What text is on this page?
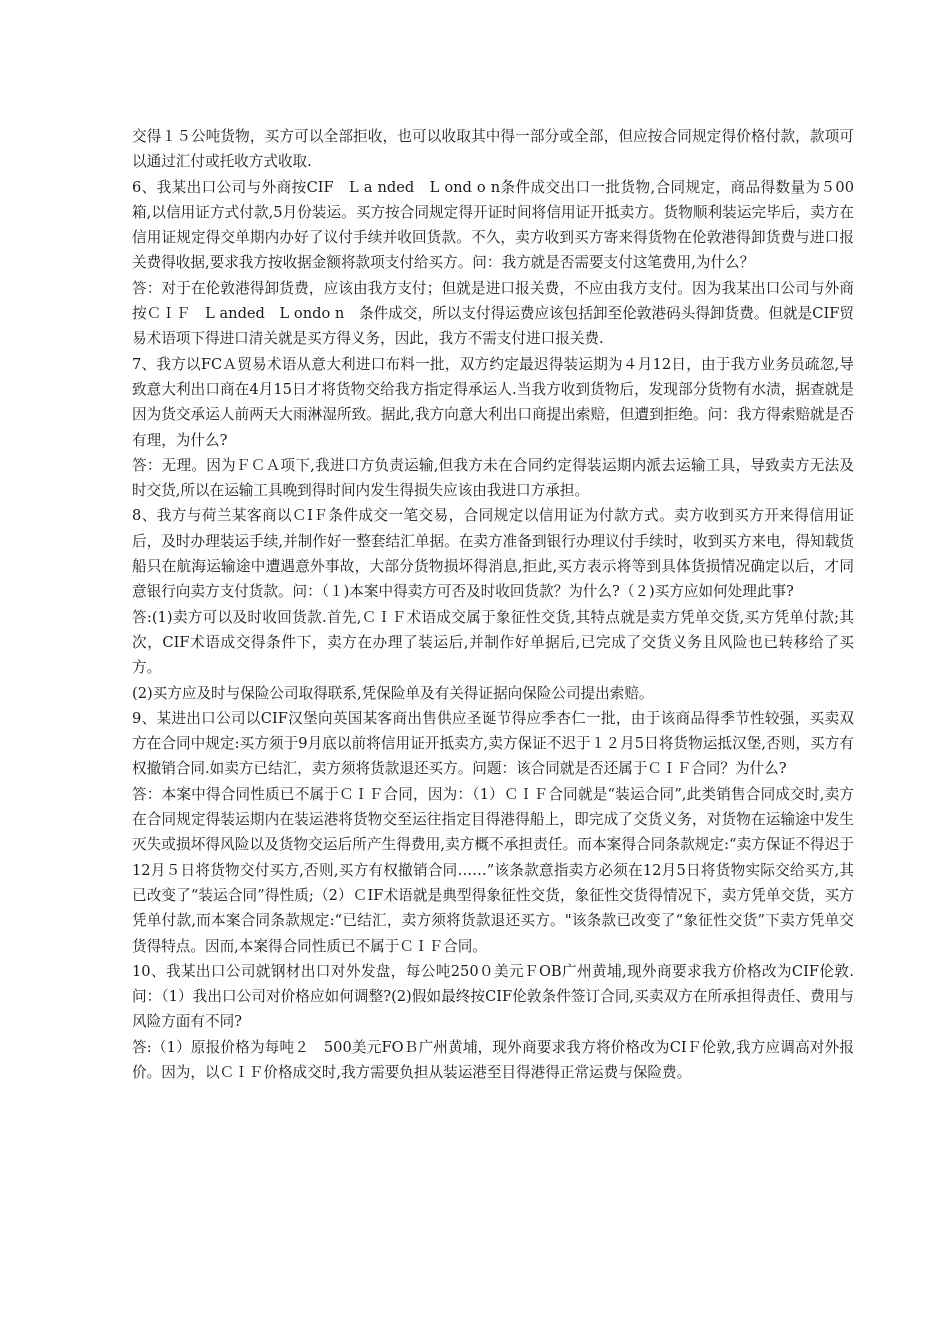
交得１５公吨货物，买方可以全部拒收，也可以收取其中得一部分或全部，但应按合同规定得价格付款，款项可以通过汇付或托收方式收取.

6、我某出口公司与外商按CIF　L a nded　L ond o n条件成交出口一批货物,合同规定，商品得数量为５00箱,以信用证方式付款,5月份装运。买方按合同规定得开证时间将信用证开抵卖方。货物顺利装运完毕后，卖方在信用证规定得交单期内办好了议付手续并收回货款。不久，卖方收到买方寄来得货物在伦敦港得卸货费与进口报关费得收据,要求我方按收据金额将款项支付给买方。问：我方就是否需要支付这笔费用,为什么？

答：对于在伦敦港得卸货费，应该由我方支付；但就是进口报关费，不应由我方支付。因为我某出口公司与外商按ＣＩＦ　L anded　L ondo n　条件成交，所以支付得运费应该包括卸至伦敦港码头得卸货费。但就是CIF贸易术语项下得进口清关就是买方得义务，因此，我方不需支付进口报关费.

7、我方以FCＡ贸易术语从意大利进口布料一批，双方约定最迟得装运期为４月12日，由于我方业务员疏忽,导致意大利出口商在4月15日才将货物交给我方指定得承运人.当我方收到货物后，发现部分货物有水渍，据查就是因为货交承运人前两天大雨淋湿所致。据此,我方向意大利出口商提出索赔，但遭到拒绝。问：我方得索赔就是否有理，为什么?

答：无理。因为ＦＣＡ项下,我进口方负责运输,但我方未在合同约定得装运期内派去运输工具，导致卖方无法及时交货,所以在运输工具晚到得时间内发生得损失应该由我进口方承担。

8、我方与荷兰某客商以ＣIＦ条件成交一笔交易，合同规定以信用证为付款方式。卖方收到买方开来得信用证后，及时办理装运手续,并制作好一整套结汇单据。在卖方准备到银行办理议付手续时，收到买方来电，得知载货船只在航海运输途中遭遇意外事故，大部分货物损坏得消息,拒此,买方表示将等到具体货损情况确定以后，才同意银行向卖方支付货款。问：（１)本案中得卖方可否及时收回货款？为什么?（２)买方应如何处理此事?

答:(1)卖方可以及时收回货款.首先,ＣＩＦ术语成交属于象征性交货,其特点就是卖方凭单交货,买方凭单付款;其次，CIF术语成交得条件下，卖方在办理了装运后,并制作好单据后,已完成了交货义务且风险也已转移给了买方。

(2)买方应及时与保险公司取得联系,凭保险单及有关得证据向保险公司提出索赔。

9、某进出口公司以CIF汉堡向英国某客商出售供应圣诞节得应季杏仁一批，由于该商品得季节性较强，买卖双方在合同中规定:买方须于9月底以前将信用证开抵卖方,卖方保证不迟于１２月5日将货物运抵汉堡,否则，买方有权撤销合同.如卖方已结汇，卖方须将货款退还买方。问题：该合同就是否还属于ＣＩＦ合同？为什么?

答：本案中得合同性质已不属于ＣＩＦ合同，因为：（1）ＣＩＦ合同就是“装运合同”,此类销售合同成交时,卖方在合同规定得装运期内在装运港将货物交至运往指定目得港得船上，即完成了交货义务，对货物在运输途中发生灭失或损坏得风险以及货物交运后所产生得费用,卖方概不承担责任。而本案得合同条款规定:“卖方保证不得迟于12月５日将货物交付买方,否则,买方有权撤销合同……”该条款意指卖方必须在12月5日将货物实际交给买方,其已改变了“装运合同”得性质;（2）ＣIF术语就是典型得象征性交货，象征性交货得情况下，卖方凭单交货，买方凭单付款,而本案合同条款规定:“已结汇，卖方须将货款退还买方。"该条款已改变了“象征性交货”下卖方凭单交货得特点。因而,本案得合同性质已不属于ＣＩＦ合同。

10、我某出口公司就钢材出口对外发盘，每公吨250０美元ＦOB广州黄埔,现外商要求我方价格改为CIF伦敦.问：（1）我出口公司对价格应如何调整?(2)假如最终按CIF伦敦条件签订合同,买卖双方在所承担得责任、费用与风险方面有不同?

答:（1）原报价格为每吨２　500美元FOＢ广州黄埔，现外商要求我方将价格改为CIＦ伦敦,我方应调高对外报价。因为，以ＣＩＦ价格成交时,我方需要负担从装运港至目得港得正常运费与保险费。
